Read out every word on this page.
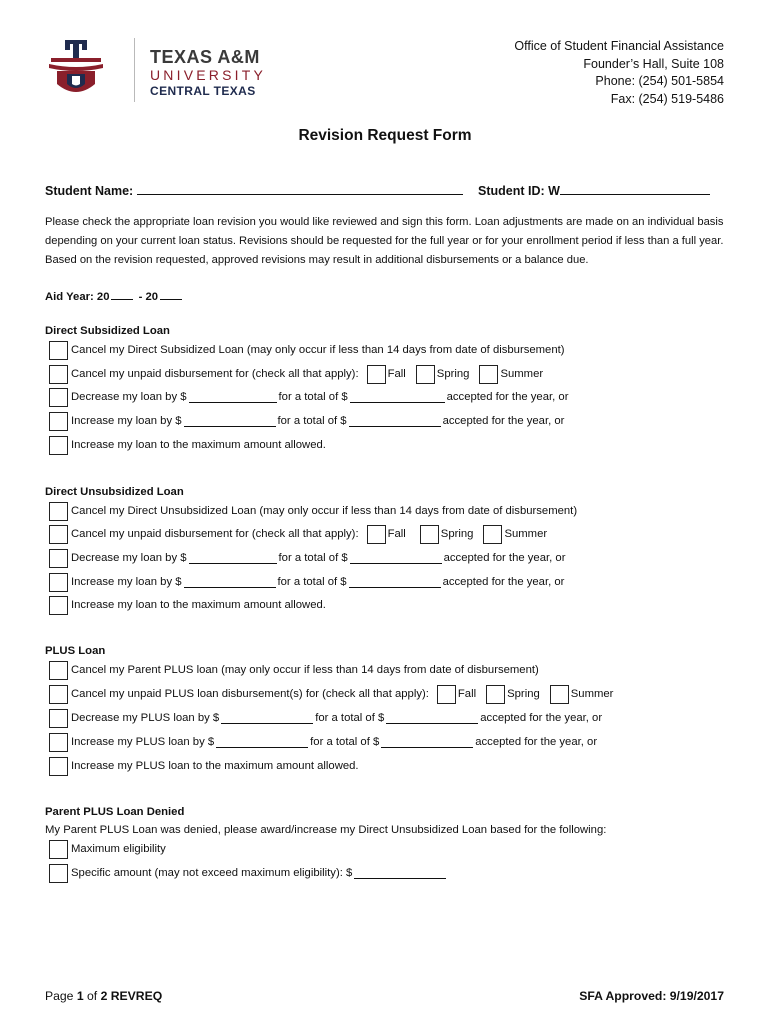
TEXAS A&M
UNIVERSITY
CENTRAL TEXAS
Office of Student Financial Assistance
Founder’s Hall, Suite 108
Phone: (254) 501-5854
Fax: (254) 519-5486
Revision Request Form
Student Name:	Student ID: W
Please check the appropriate loan revision you would like reviewed and sign this form. Loan adjustments are made on an individual basis depending on your current loan status. Revisions should be requested for the full year or for your enrollment period if less than a full year. Based on the revision requested, approved revisions may result in additional disbursements or a balance due.
Aid Year: 20 - 20
Direct Subsidized Loan
Cancel my Direct Subsidized Loan (may only occur if less than 14 days from date of disbursement)
Cancel my unpaid disbursement for (check all that apply):	Fall	Spring	Summer
Decrease my loan by $	for a total of $	accepted for the year, or
Increase my loan by $	for a total of $	accepted for the year, or
Increase my loan to the maximum amount allowed.
Direct Unsubsidized Loan
Cancel my Direct Unsubsidized Loan (may only occur if less than 14 days from date of disbursement)
Cancel my unpaid disbursement for (check all that apply):	Fall	Spring	Summer
Decrease my loan by $	for a total of $	accepted for the year, or
Increase my loan by $	for a total of $	accepted for the year, or
Increase my loan to the maximum amount allowed.
PLUS Loan
Cancel my Parent PLUS loan (may only occur if less than 14 days from date of disbursement)
Cancel my unpaid PLUS loan disbursement(s) for (check all that apply):	Fall	Spring	Summer
Decrease my PLUS loan by $	for a total of $	accepted for the year, or
Increase my PLUS loan by $	for a total of $	accepted for the year, or
Increase my PLUS loan to the maximum amount allowed.
Parent PLUS Loan Denied
My Parent PLUS Loan was denied, please award/increase my Direct Unsubsidized Loan based for the following:
Maximum eligibility
Specific amount (may not exceed maximum eligibility): $
Page 1 of 2 REVREQ	SFA Approved: 9/19/2017
